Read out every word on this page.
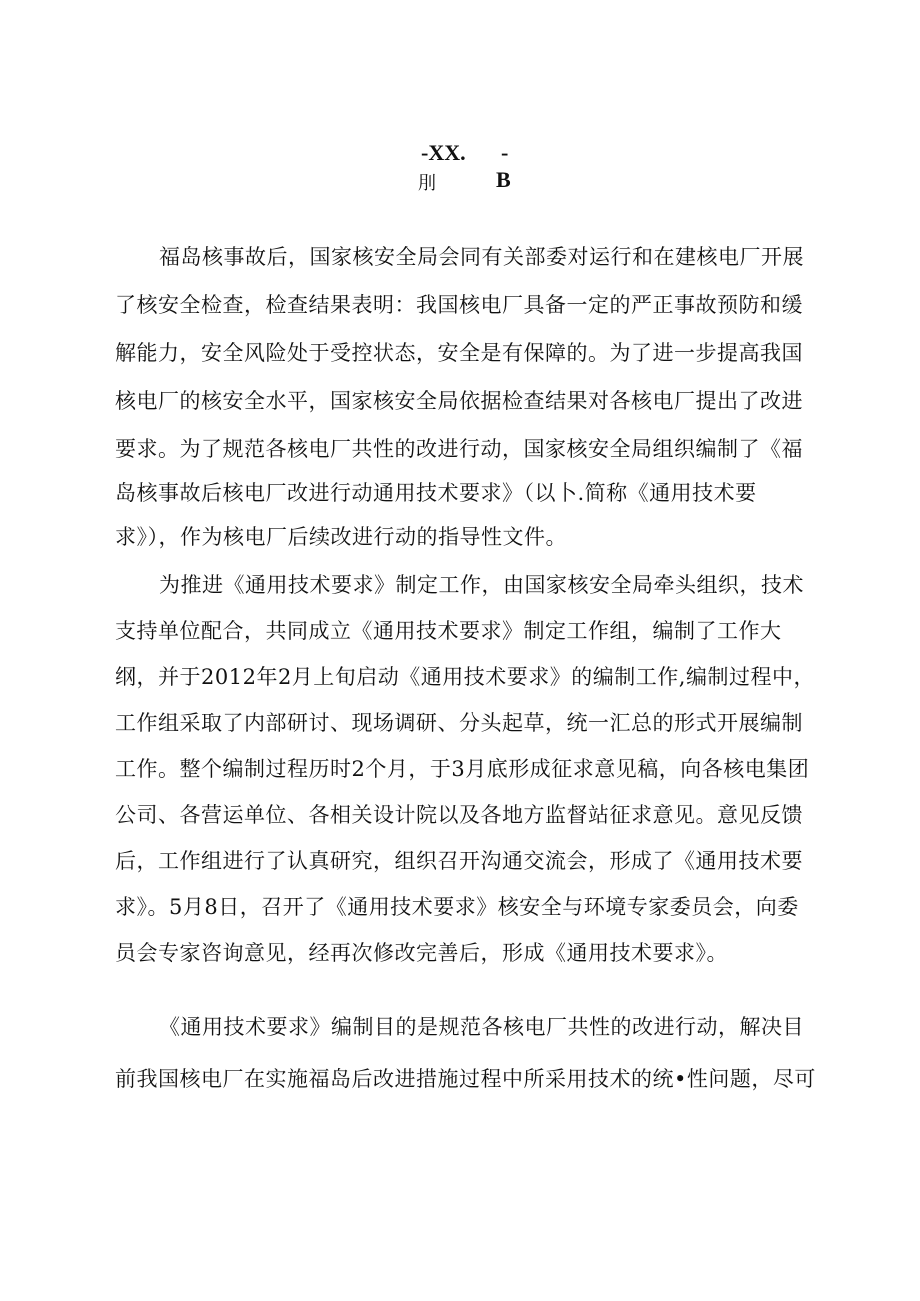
-XX. -
刖	B
福岛核事故后，国家核安全局会同有关部委对运行和在建核电厂开展
了核安全检查，检查结果表明：我国核电厂具备一定的严正事故预防和缓
解能力，安全风险处于受控状态，安全是有保障的。为了进一步提高我国
核电厂的核安全水平，国家核安全局依据检查结果对各核电厂提出了改进
要求。为了规范各核电厂共性的改进行动，国家核安全局组织编制了《福
岛核事故后核电厂改进行动通用技术要求》（以卜.简称《通用技术要
求》），作为核电厂后续改进行动的指导性文件。
为推进《通用技术要求》制定工作，由国家核安全局牵头组织，技术
支持单位配合，共同成立《通用技术要求》制定工作组，编制了工作大
纲，并于2012年2月上旬启动《通用技术要求》的编制工作,编制过程中，
工作组采取了内部研讨、现场调研、分头起草，统一汇总的形式开展编制
工作。整个编制过程历时2个月，于3月底形成征求意见稿，向各核电集团
公司、各营运单位、各相关设计院以及各地方监督站征求意见。意见反馈
后，工作组进行了认真研究，组织召开沟通交流会，形成了《通用技术要
求》。5月8日，召开了《通用技术要求》核安全与环境专家委员会，向委
员会专家咨询意见，经再次修改完善后，形成《通用技术要求》。
《通用技术要求》编制目的是规范各核电厂共性的改进行动，解决目
前我国核电厂在实施福岛后改进措施过程中所采用技术的统•性问题，尽可
